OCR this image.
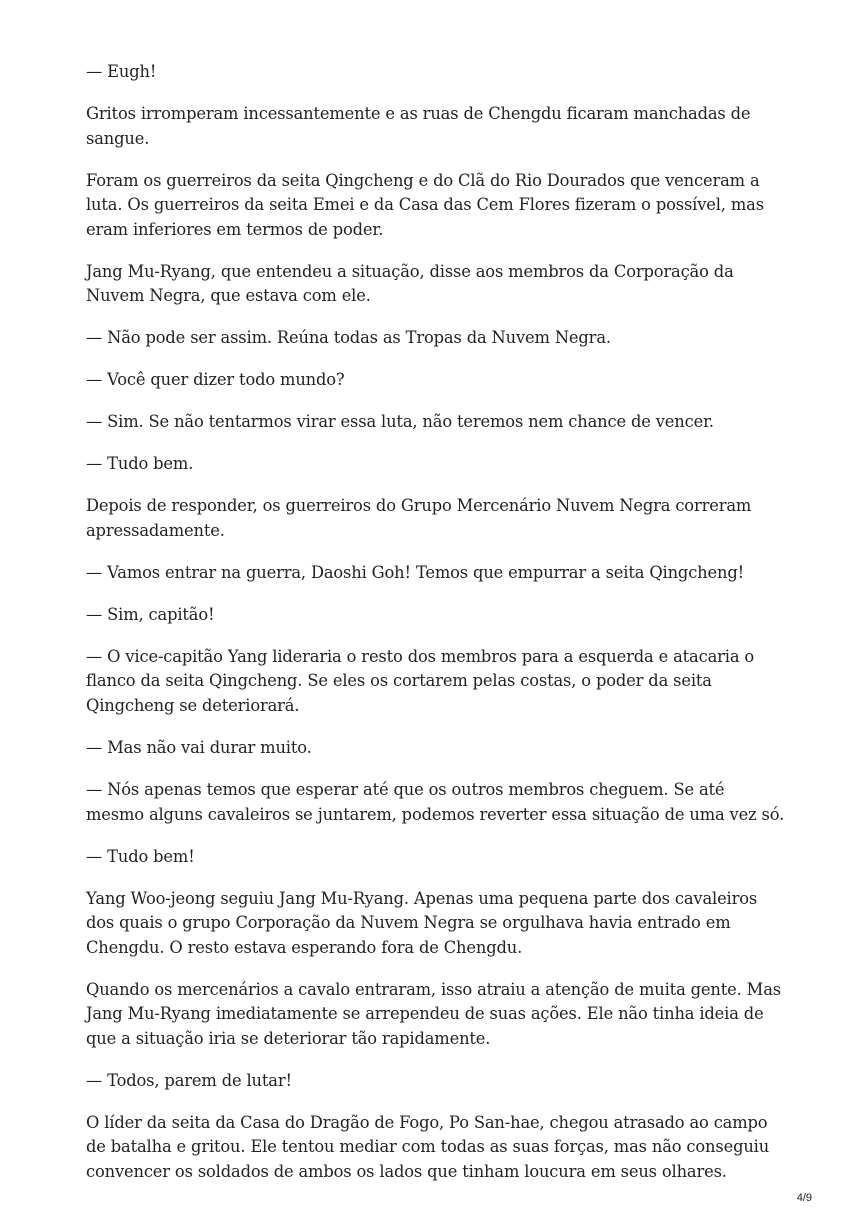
— Eugh!

Gritos irromperam incessantemente e as ruas de Chengdu ficaram manchadas de sangue.

Foram os guerreiros da seita Qingcheng e do Clã do Rio Dourados que venceram a luta. Os guerreiros da seita Emei e da Casa das Cem Flores fizeram o possível, mas eram inferiores em termos de poder.

Jang Mu-Ryang, que entendeu a situação, disse aos membros da Corporação da Nuvem Negra, que estava com ele.

— Não pode ser assim. Reúna todas as Tropas da Nuvem Negra.

— Você quer dizer todo mundo?

— Sim. Se não tentarmos virar essa luta, não teremos nem chance de vencer.

— Tudo bem.

Depois de responder, os guerreiros do Grupo Mercenário Nuvem Negra correram apressadamente.

— Vamos entrar na guerra, Daoshi Goh! Temos que empurrar a seita Qingcheng!

— Sim, capitão!

— O vice-capitão Yang lideraria o resto dos membros para a esquerda e atacaria o flanco da seita Qingcheng. Se eles os cortarem pelas costas, o poder da seita Qingcheng se deteriorará.

— Mas não vai durar muito.

— Nós apenas temos que esperar até que os outros membros cheguem. Se até mesmo alguns cavaleiros se juntarem, podemos reverter essa situação de uma vez só.

— Tudo bem!

Yang Woo-jeong seguiu Jang Mu-Ryang. Apenas uma pequena parte dos cavaleiros dos quais o grupo Corporação da Nuvem Negra se orgulhava havia entrado em Chengdu. O resto estava esperando fora de Chengdu.

Quando os mercenários a cavalo entraram, isso atraiu a atenção de muita gente. Mas Jang Mu-Ryang imediatamente se arrependeu de suas ações. Ele não tinha ideia de que a situação iria se deteriorar tão rapidamente.

— Todos, parem de lutar!

O líder da seita da Casa do Dragão de Fogo, Po San-hae, chegou atrasado ao campo de batalha e gritou. Ele tentou mediar com todas as suas forças, mas não conseguiu convencer os soldados de ambos os lados que tinham loucura em seus olhares.

4/9
